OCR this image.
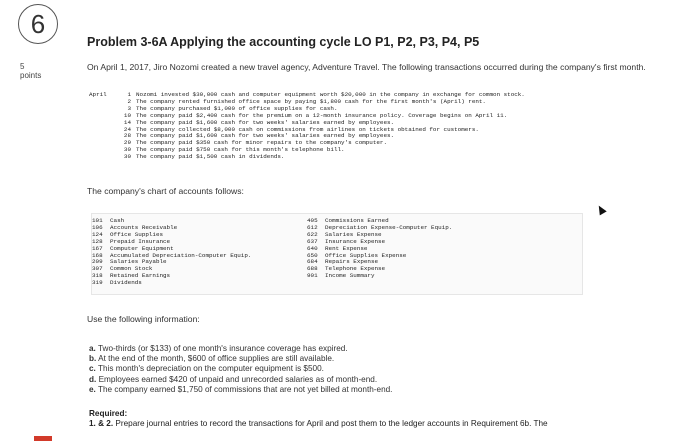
6
5
points
Problem 3-6A Applying the accounting cycle LO P1, P2, P3, P4, P5
On April 1, 2017, Jiro Nozomi created a new travel agency, Adventure Travel. The following transactions occurred during the company's first month.
April	1 Nozomi invested $30,000 cash and computer equipment worth $20,000 in the company in exchange for common stock.
2 The company rented furnished office space by paying $1,800 cash for the first month's (April) rent.
3 The company purchased $1,000 of office supplies for cash.
10 The company paid $2,400 cash for the premium on a 12-month insurance policy. Coverage begins on April 11.
14 The company paid $1,600 cash for two weeks' salaries earned by employees.
24 The company collected $8,000 cash on commissions from airlines on tickets obtained for customers.
28 The company paid $1,600 cash for two weeks' salaries earned by employees.
29 The company paid $350 cash for minor repairs to the company's computer.
30 The company paid $750 cash for this month's telephone bill.
30 The company paid $1,500 cash in dividends.
The company's chart of accounts follows:

101	Cash
106	Accounts Receivable
124	Office Supplies
128	Prepaid Insurance
167	Computer Equipment
168	Accumulated Depreciation-Computer Equip.
209	Salaries Payable
307	Common Stock
318	Retained Earnings
319	Dividends

405	Commissions Earned
612	Depreciation Expense-Computer Equip.
622	Salaries Expense
637	Insurance Expense
640	Rent Expense
650	Office Supplies Expense
684	Repairs Expense
688	Telephone Expense
901	Income Summary

Use the following information:
a. Two-thirds (or $133) of one month's insurance coverage has expired.
b. At the end of the month, $600 of office supplies are still available.
c. This month's depreciation on the computer equipment is $500.
d. Employees earned $420 of unpaid and unrecorded salaries as of month-end.
e. The company earned $1,750 of commissions that are not yet billed at month-end.
Required:
1. & 2. Prepare journal entries to record the transactions for April and post them to the ledger accounts in Requirement 6b. The
